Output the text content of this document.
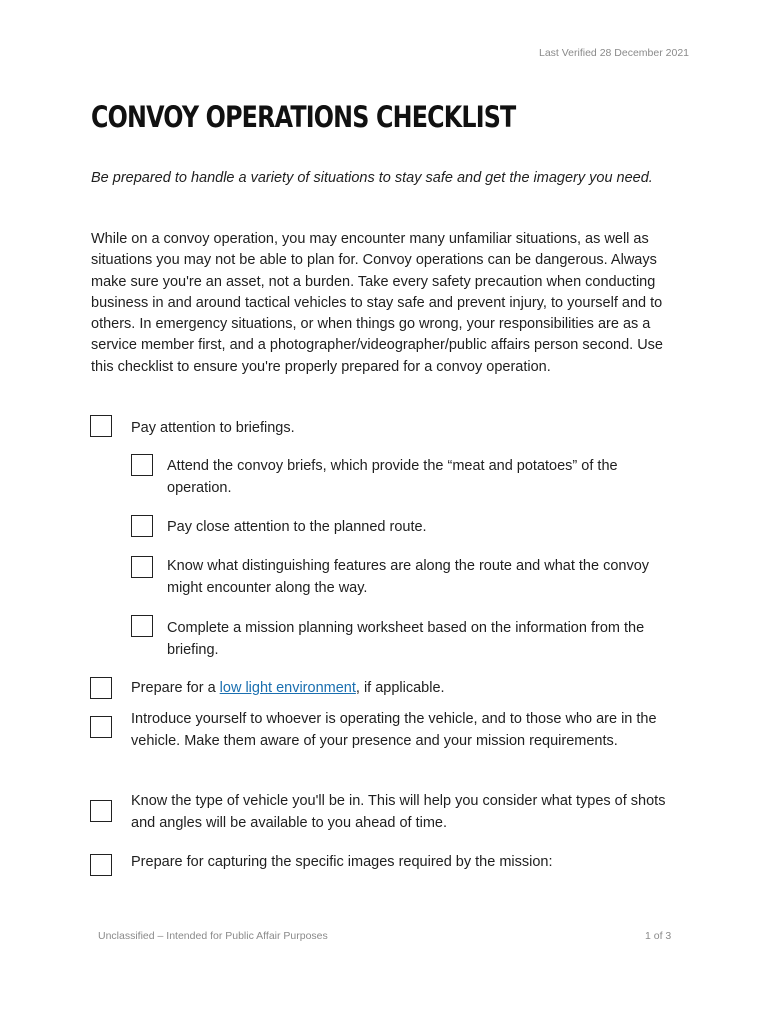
Last Verified 28 December 2021
CONVOY OPERATIONS CHECKLIST

Be prepared to handle a variety of situations to stay safe and get the imagery you need.

While on a convoy operation, you may encounter many unfamiliar situations, as well as situations you may not be able to plan for. Convoy operations can be dangerous. Always make sure you're an asset, not a burden. Take every safety precaution when conducting business in and around tactical vehicles to stay safe and prevent injury, to yourself and to others. In emergency situations, or when things go wrong, your responsibilities are as a service member first, and a photographer/videographer/public affairs person second. Use this checklist to ensure you're properly prepared for a convoy operation.

Pay attention to briefings.

Attend the convoy briefs, which provide the “meat and potatoes” of the operation.

Pay close attention to the planned route.

Know what distinguishing features are along the route and what the convoy might encounter along the way.

Complete a mission planning worksheet based on the information from the briefing.

Prepare for a low light environment, if applicable.

Introduce yourself to whoever is operating the vehicle, and to those who are in the vehicle. Make them aware of your presence and your mission requirements.

Know the type of vehicle you'll be in. This will help you consider what types of shots and angles will be available to you ahead of time.

Prepare for capturing the specific images required by the mission:

Unclassified – Intended for Public Affair Purposes	1 of 3
